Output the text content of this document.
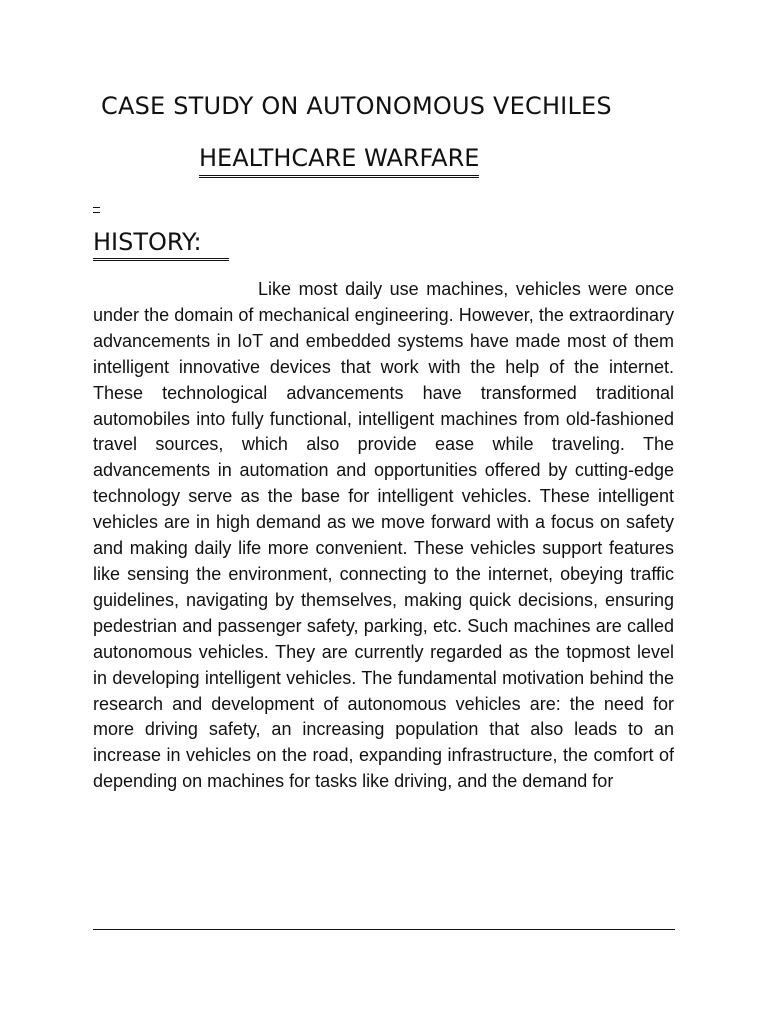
CASE STUDY ON AUTONOMOUS VECHILES
HEALTHCARE WARFARE
HISTORY:

Like most daily use machines, vehicles were once under the domain of mechanical engineering. However, the extraordinary advancements in IoT and embedded systems have made most of them intelligent innovative devices that work with the help of the internet. These technological advancements have transformed traditional automobiles into fully functional, intelligent machines from old-fashioned travel sources, which also provide ease while traveling. The advancements in automation and opportunities offered by cutting-edge technology serve as the base for intelligent vehicles. These intelligent vehicles are in high demand as we move forward with a focus on safety and making daily life more convenient. These vehicles support features like sensing the environment, connecting to the internet, obeying traffic guidelines, navigating by themselves, making quick decisions, ensuring pedestrian and passenger safety, parking, etc. Such machines are called autonomous vehicles. They are currently regarded as the topmost level in developing intelligent vehicles. The fundamental motivation behind the research and development of autonomous vehicles are: the need for more driving safety, an increasing population that also leads to an increase in vehicles on the road, expanding infrastructure, the comfort of depending on machines for tasks like driving, and the demand for
